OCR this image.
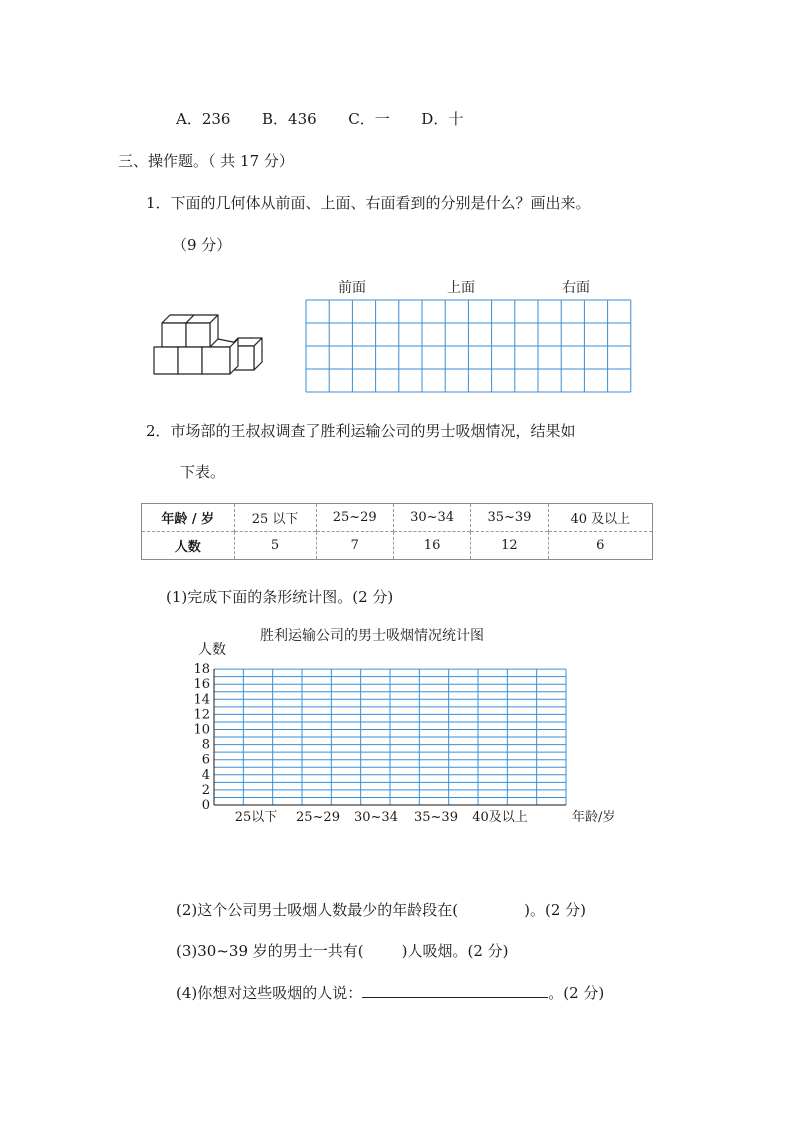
A．236 B．436 C．一 D．十
三、操作题。（ 共 17 分）
1．下面的几何体从前面、上面、右面看到的分别是什么？画出来。
（9 分）
前面	上面	右面
2．市场部的王叔叔调查了胜利运输公司的男士吸烟情况，结果如
下表。
年龄 / 岁	25 以下	25~29	30~34	35~39	40 及以上
人数	5	7	16	12	6
(1)完成下面的条形统计图。(2 分)
胜利运输公司的男士吸烟情况统计图
人数
0
2
4
6
8
10
12
14
16
18
25以下 25~29 30~34 35~39 40及以上	年龄/岁
(2)这个公司男士吸烟人数最少的年龄段在(	)。(2 分)
(3)30~39 岁的男士一共有(	)人吸烟。(2 分)
(4)你想对这些吸烟的人说：	。(2 分)
